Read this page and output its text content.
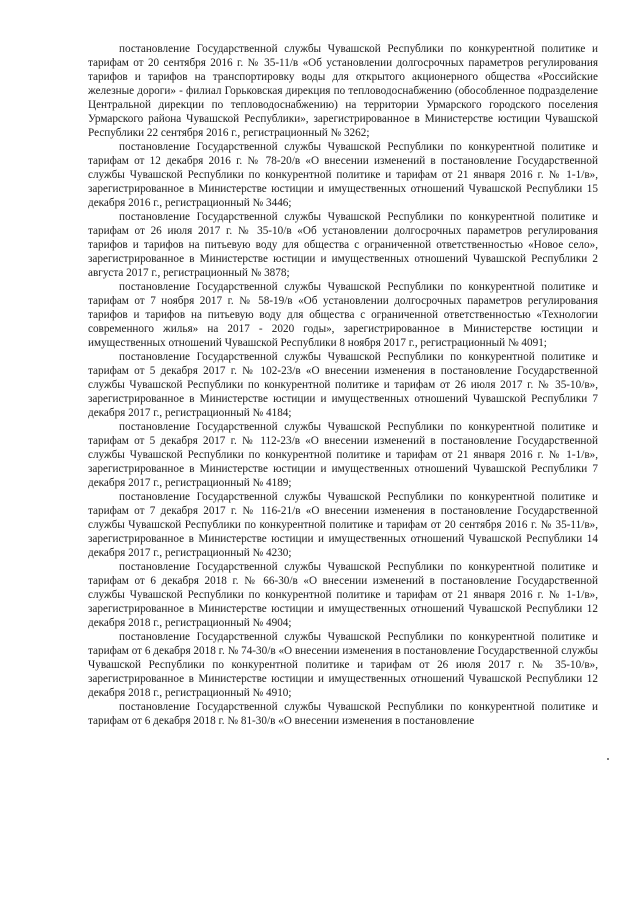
постановление Государственной службы Чувашской Республики по конкурентной политике и тарифам от 20 сентября 2016 г. № 35-11/в «Об установлении долгосрочных параметров регулирования тарифов и тарифов на транспортировку воды для открытого акционерного общества «Российские железные дороги» - филиал Горьковская дирекция по тепловодоснабжению (обособленное подразделение Центральной дирекции по тепловодоснабжению) на территории Урмарского городского поселения Урмарского района Чувашской Республики», зарегистрированное в Министерстве юстиции Чувашской Республики 22 сентября 2016 г., регистрационный № 3262;

постановление Государственной службы Чувашской Республики по конкурентной политике и тарифам от 12 декабря 2016 г. № 78-20/в «О внесении изменений в постановление Государственной службы Чувашской Республики по конкурентной политике и тарифам от 21 января 2016 г. № 1-1/в», зарегистрированное в Министерстве юстиции и имущественных отношений Чувашской Республики 15 декабря 2016 г., регистрационный № 3446;

постановление Государственной службы Чувашской Республики по конкурентной политике и тарифам от 26 июля 2017 г. № 35-10/в «Об установлении долгосрочных параметров регулирования тарифов и тарифов на питьевую воду для общества с ограниченной ответственностью «Новое село», зарегистрированное в Министерстве юстиции и имущественных отношений Чувашской Республики 2 августа 2017 г., регистрационный № 3878;

постановление Государственной службы Чувашской Республики по конкурентной политике и тарифам от 7 ноября 2017 г. № 58-19/в «Об установлении долгосрочных параметров регулирования тарифов и тарифов на питьевую воду для общества с ограниченной ответственностью «Технологии современного жилья» на 2017 - 2020 годы», зарегистрированное в Министерстве юстиции и имущественных отношений Чувашской Республики 8 ноября 2017 г., регистрационный № 4091;

постановление Государственной службы Чувашской Республики по конкурентной политике и тарифам от 5 декабря 2017 г. № 102-23/в «О внесении изменения в постановление Государственной службы Чувашской Республики по конкурентной политике и тарифам от 26 июля 2017 г. № 35-10/в», зарегистрированное в Министерстве юстиции и имущественных отношений Чувашской Республики 7 декабря 2017 г., регистрационный № 4184;

постановление Государственной службы Чувашской Республики по конкурентной политике и тарифам от 5 декабря 2017 г. № 112-23/в «О внесении изменений в постановление Государственной службы Чувашской Республики по конкурентной политике и тарифам от 21 января 2016 г. № 1-1/в», зарегистрированное в Министерстве юстиции и имущественных отношений Чувашской Республики 7 декабря 2017 г., регистрационный № 4189;

постановление Государственной службы Чувашской Республики по конкурентной политике и тарифам от 7 декабря 2017 г. № 116-21/в «О внесении изменения в постановление Государственной службы Чувашской Республики по конкурентной политике и тарифам от 20 сентября 2016 г. № 35-11/в», зарегистрированное в Министерстве юстиции и имущественных отношений Чувашской Республики 14 декабря 2017 г., регистрационный № 4230;

постановление Государственной службы Чувашской Республики по конкурентной политике и тарифам от 6 декабря 2018 г. № 66-30/в «О внесении изменений в постановление Государственной службы Чувашской Республики по конкурентной политике и тарифам от 21 января 2016 г. № 1-1/в», зарегистрированное в Министерстве юстиции и имущественных отношений Чувашской Республики 12 декабря 2018 г., регистрационный № 4904;

постановление Государственной службы Чувашской Республики по конкурентной политике и тарифам от 6 декабря 2018 г. № 74-30/в «О внесении изменения в постановление Государственной службы Чувашской Республики по конкурентной политике и тарифам от 26 июля 2017 г. № 35-10/в», зарегистрированное в Министерстве юстиции и имущественных отношений Чувашской Республики 12 декабря 2018 г., регистрационный № 4910;

постановление Государственной службы Чувашской Республики по конкурентной политике и тарифам от 6 декабря 2018 г. № 81-30/в «О внесении изменения в постановление
